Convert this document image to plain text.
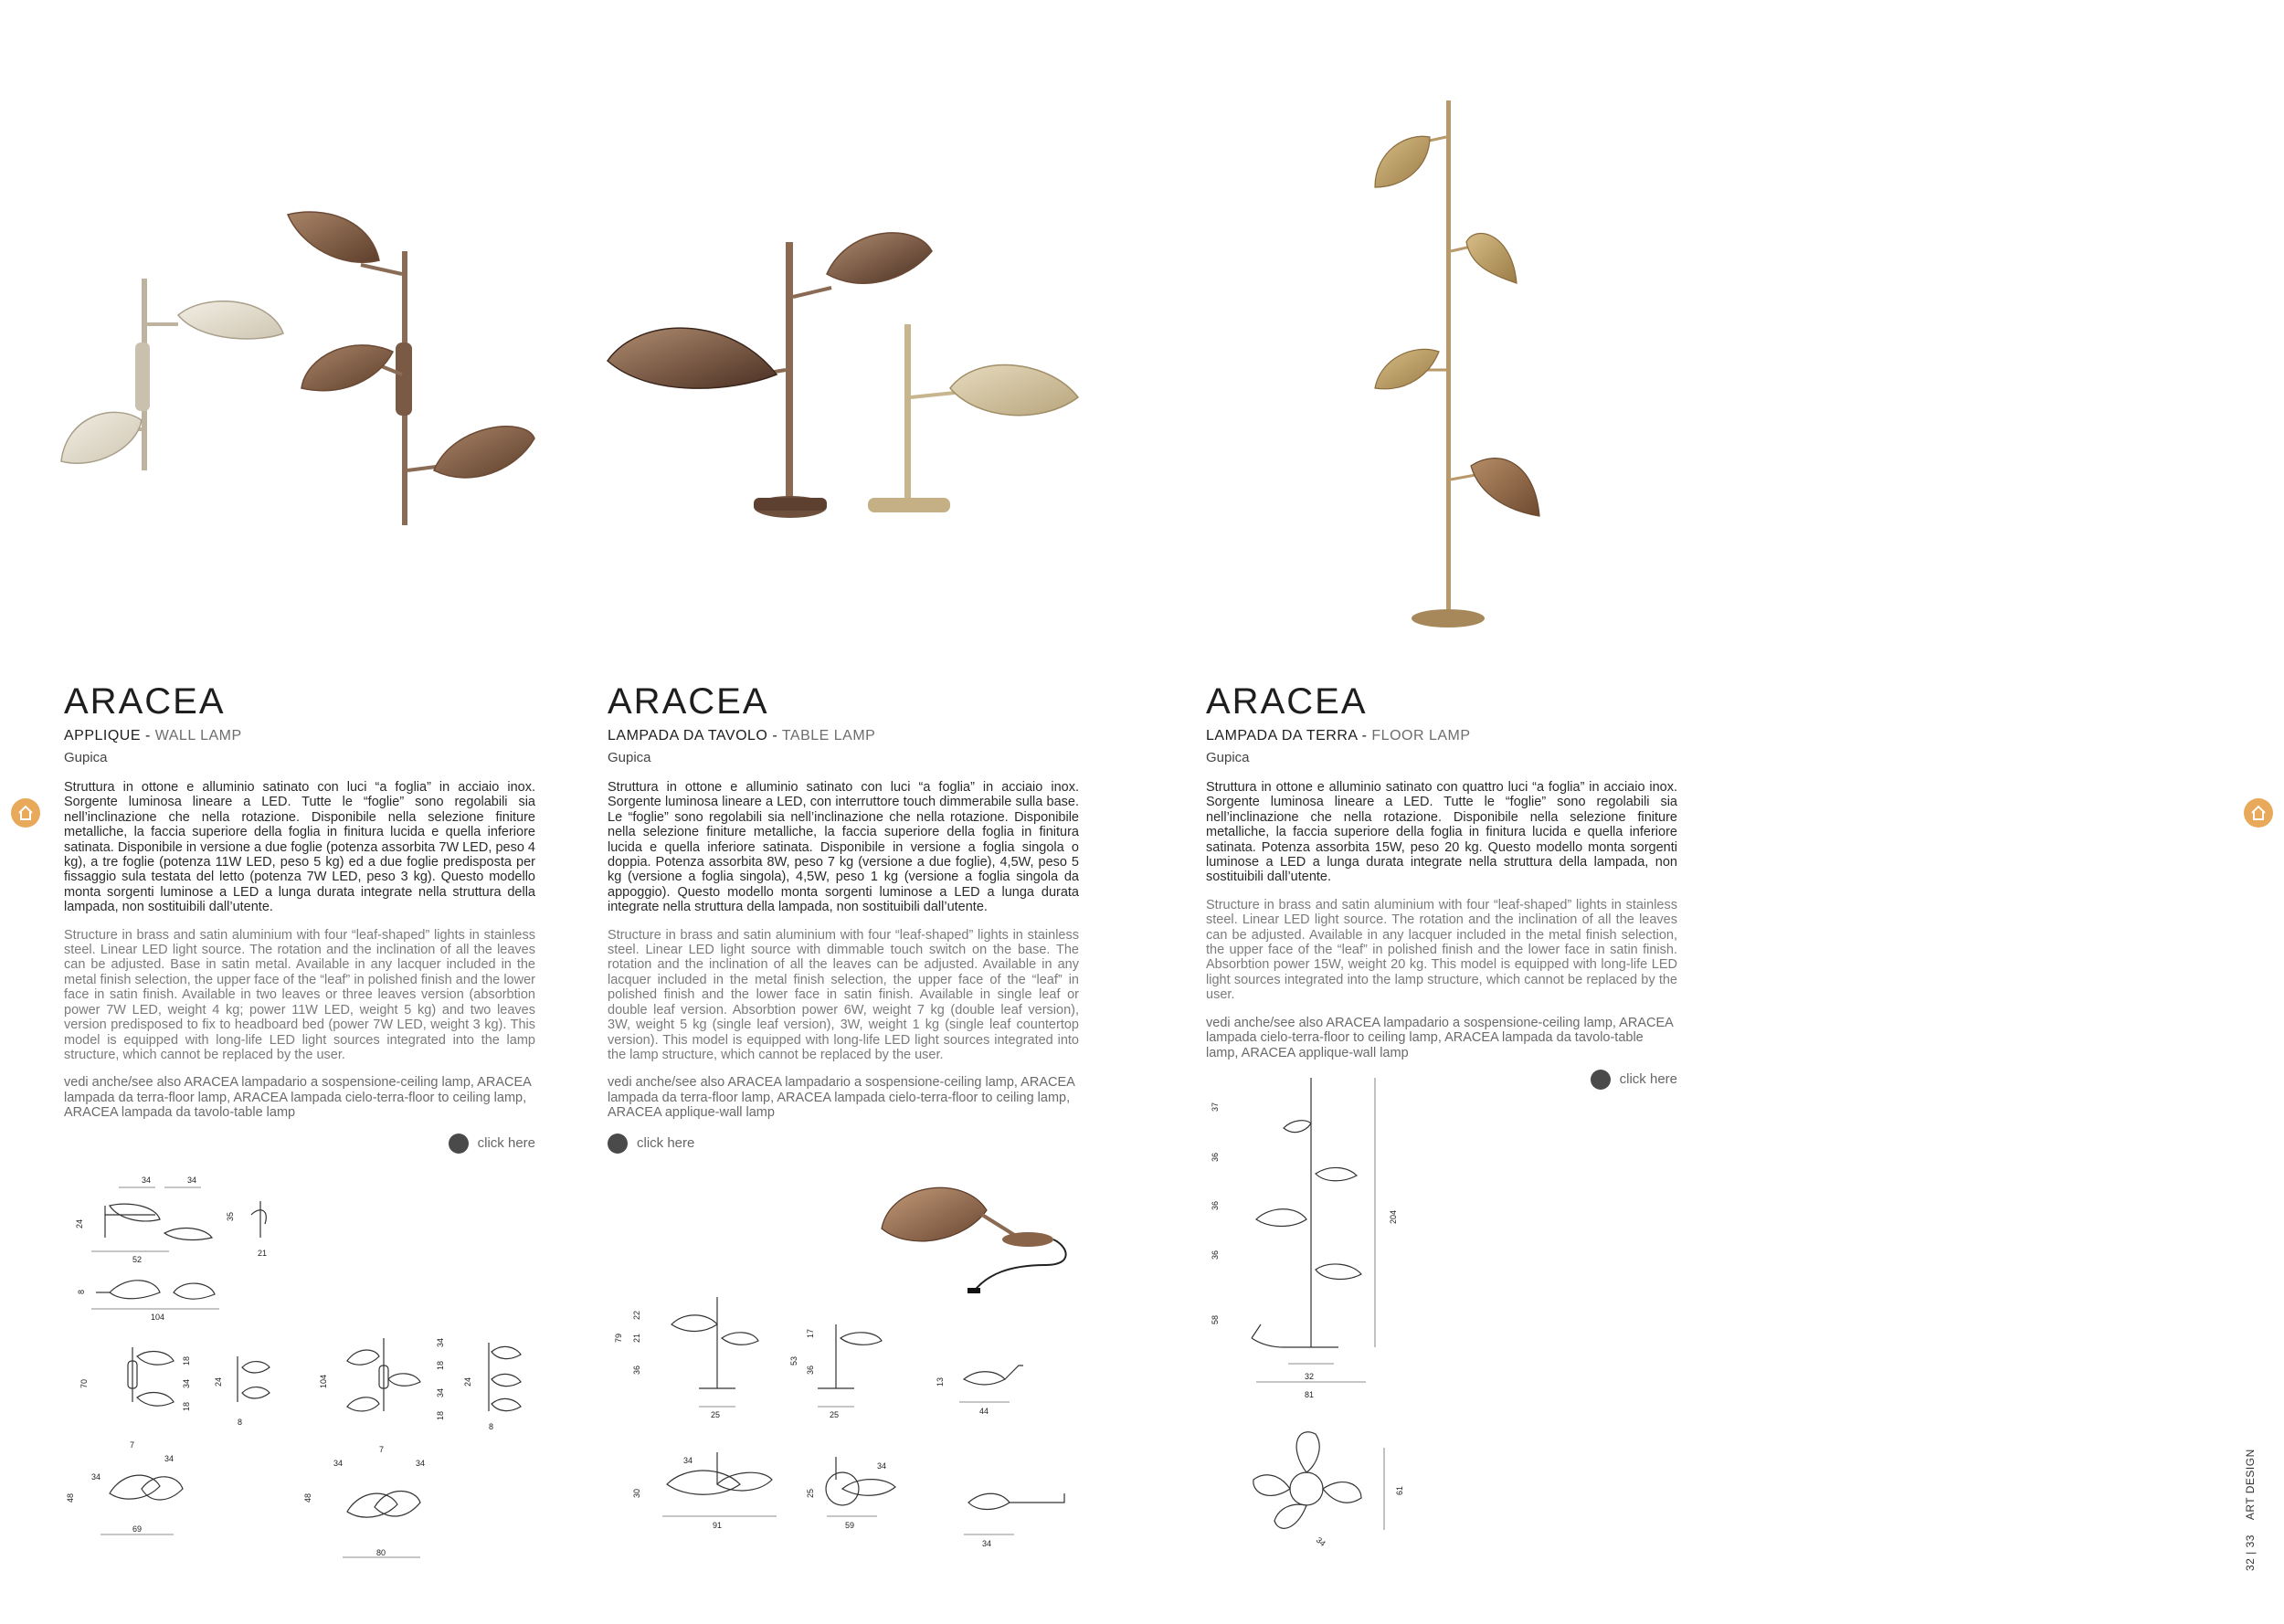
ARACEA
APPLIQUE - WALL LAMP
Gupica
Struttura in ottone e alluminio satinato con luci “a foglia” in acciaio inox. Sorgente luminosa lineare a LED. Tutte le “foglie” sono regolabili sia nell’inclinazione che nella rotazione. Disponibile nella selezione finiture metalliche, la faccia superiore della foglia in finitura lucida e quella inferiore satinata. Disponibile in versione a due foglie (potenza assorbita 7W LED, peso 4 kg), a tre foglie (potenza 11W LED, peso 5 kg) ed a due foglie predisposta per fissaggio sula testata del letto (potenza 7W LED, peso 3 kg). Questo modello monta sorgenti luminose a LED a lunga durata integrate nella struttura della lampada, non sostituibili dall’utente.
Structure in brass and satin aluminium with four “leaf-shaped” lights in stainless steel. Linear LED light source. The rotation and the inclination of all the leaves can be adjusted. Base in satin metal. Available in any lacquer included in the metal finish selection, the upper face of the “leaf” in polished finish and the lower face in satin finish. Available in two leaves or three leaves version (absorbtion power 7W LED, weight 4 kg; power 11W LED, weight 5 kg) and two leaves version predisposed to fix to headboard bed (power 7W LED, weight 3 kg). This model is equipped with long-life LED light sources integrated into the lamp structure, which cannot be replaced by the user.
vedi anche/see also ARACEA lampadario a sospensione-ceiling lamp, ARACEA lampada da terra-floor lamp, ARACEA lampada cielo-terra-floor to ceiling lamp, ARACEA lampada da tavolo-table lamp
click here
ARACEA
LAMPADA DA TAVOLO - TABLE LAMP
Gupica
Struttura in ottone e alluminio satinato con luci “a foglia” in acciaio inox. Sorgente luminosa lineare a LED, con interruttore touch dimmerabile sulla base. Le “foglie” sono regolabili sia nell’inclinazione che nella rotazione. Disponibile nella selezione finiture metalliche, la faccia superiore della foglia in finitura lucida e quella inferiore satinata. Disponibile in versione a foglia singola o doppia. Potenza assorbita 8W, peso 7 kg (versione a due foglie), 4,5W, peso 5 kg (versione a foglia singola), 4,5W, peso 1 kg (versione a foglia singola da appoggio). Questo modello monta sorgenti luminose a LED a lunga durata integrate nella struttura della lampada, non sostituibili dall’utente.
Structure in brass and satin aluminium with four “leaf-shaped” lights in stainless steel. Linear LED light source with dimmable touch switch on the base. The rotation and the inclination of all the leaves can be adjusted. Available in any lacquer included in the metal finish selection, the upper face of the “leaf” in polished finish and the lower face in satin finish. Available in single leaf or double leaf version. Absorbtion power 6W, weight 7 kg (double leaf version), 3W, weight 5 kg (single leaf version), 3W, weight 1 kg (single leaf countertop version). This model is equipped with long-life LED light sources integrated into the lamp structure, which cannot be replaced by the user.
vedi anche/see also ARACEA lampadario a sospensione-ceiling lamp, ARACEA lampada da terra-floor lamp, ARACEA lampada cielo-terra-floor to ceiling lamp, ARACEA applique-wall lamp
click here
ARACEA
LAMPADA DA TERRA - FLOOR LAMP
Gupica
Struttura in ottone e alluminio satinato con quattro luci “a foglia” in acciaio inox. Sorgente luminosa lineare a LED. Tutte le “foglie” sono regolabili sia nell’inclinazione che nella rotazione. Disponibile nella selezione finiture metalliche, la faccia superiore della foglia in finitura lucida e quella inferiore satinata. Potenza assorbita 15W, peso 20 kg. Questo modello monta sorgenti luminose a LED a lunga durata integrate nella struttura della lampada, non sostituibili dall’utente.
Structure in brass and satin aluminium with four “leaf-shaped” lights in stainless steel. Linear LED light source. The rotation and the inclination of all the leaves can be adjusted. Available in any lacquer included in the metal finish selection, the upper face of the “leaf” in polished finish and the lower face in satin finish. Absorbtion power 15W, weight 20 kg. This model is equipped with long-life LED light sources integrated into the lamp structure, which cannot be replaced by the user.
vedi anche/see also ARACEA lampadario a sospensione-ceiling lamp, ARACEA lampada cielo-terra-floor to ceiling lamp, ARACEA lampada da tavolo-table lamp, ARACEA applique-wall lamp
click here
34	34
24
35
52
21
8
104
70
18
34
18
24
8
104
34
18
34
18
24
8
7
34
48
34
69
48
34
7
34
80
79 21
22
36
17
53
36
13
25	25	44
34
34
30
91
25
59
34
37
36
36
36
58
204
32
81
61
34	32 | 33 ART DESIGN
